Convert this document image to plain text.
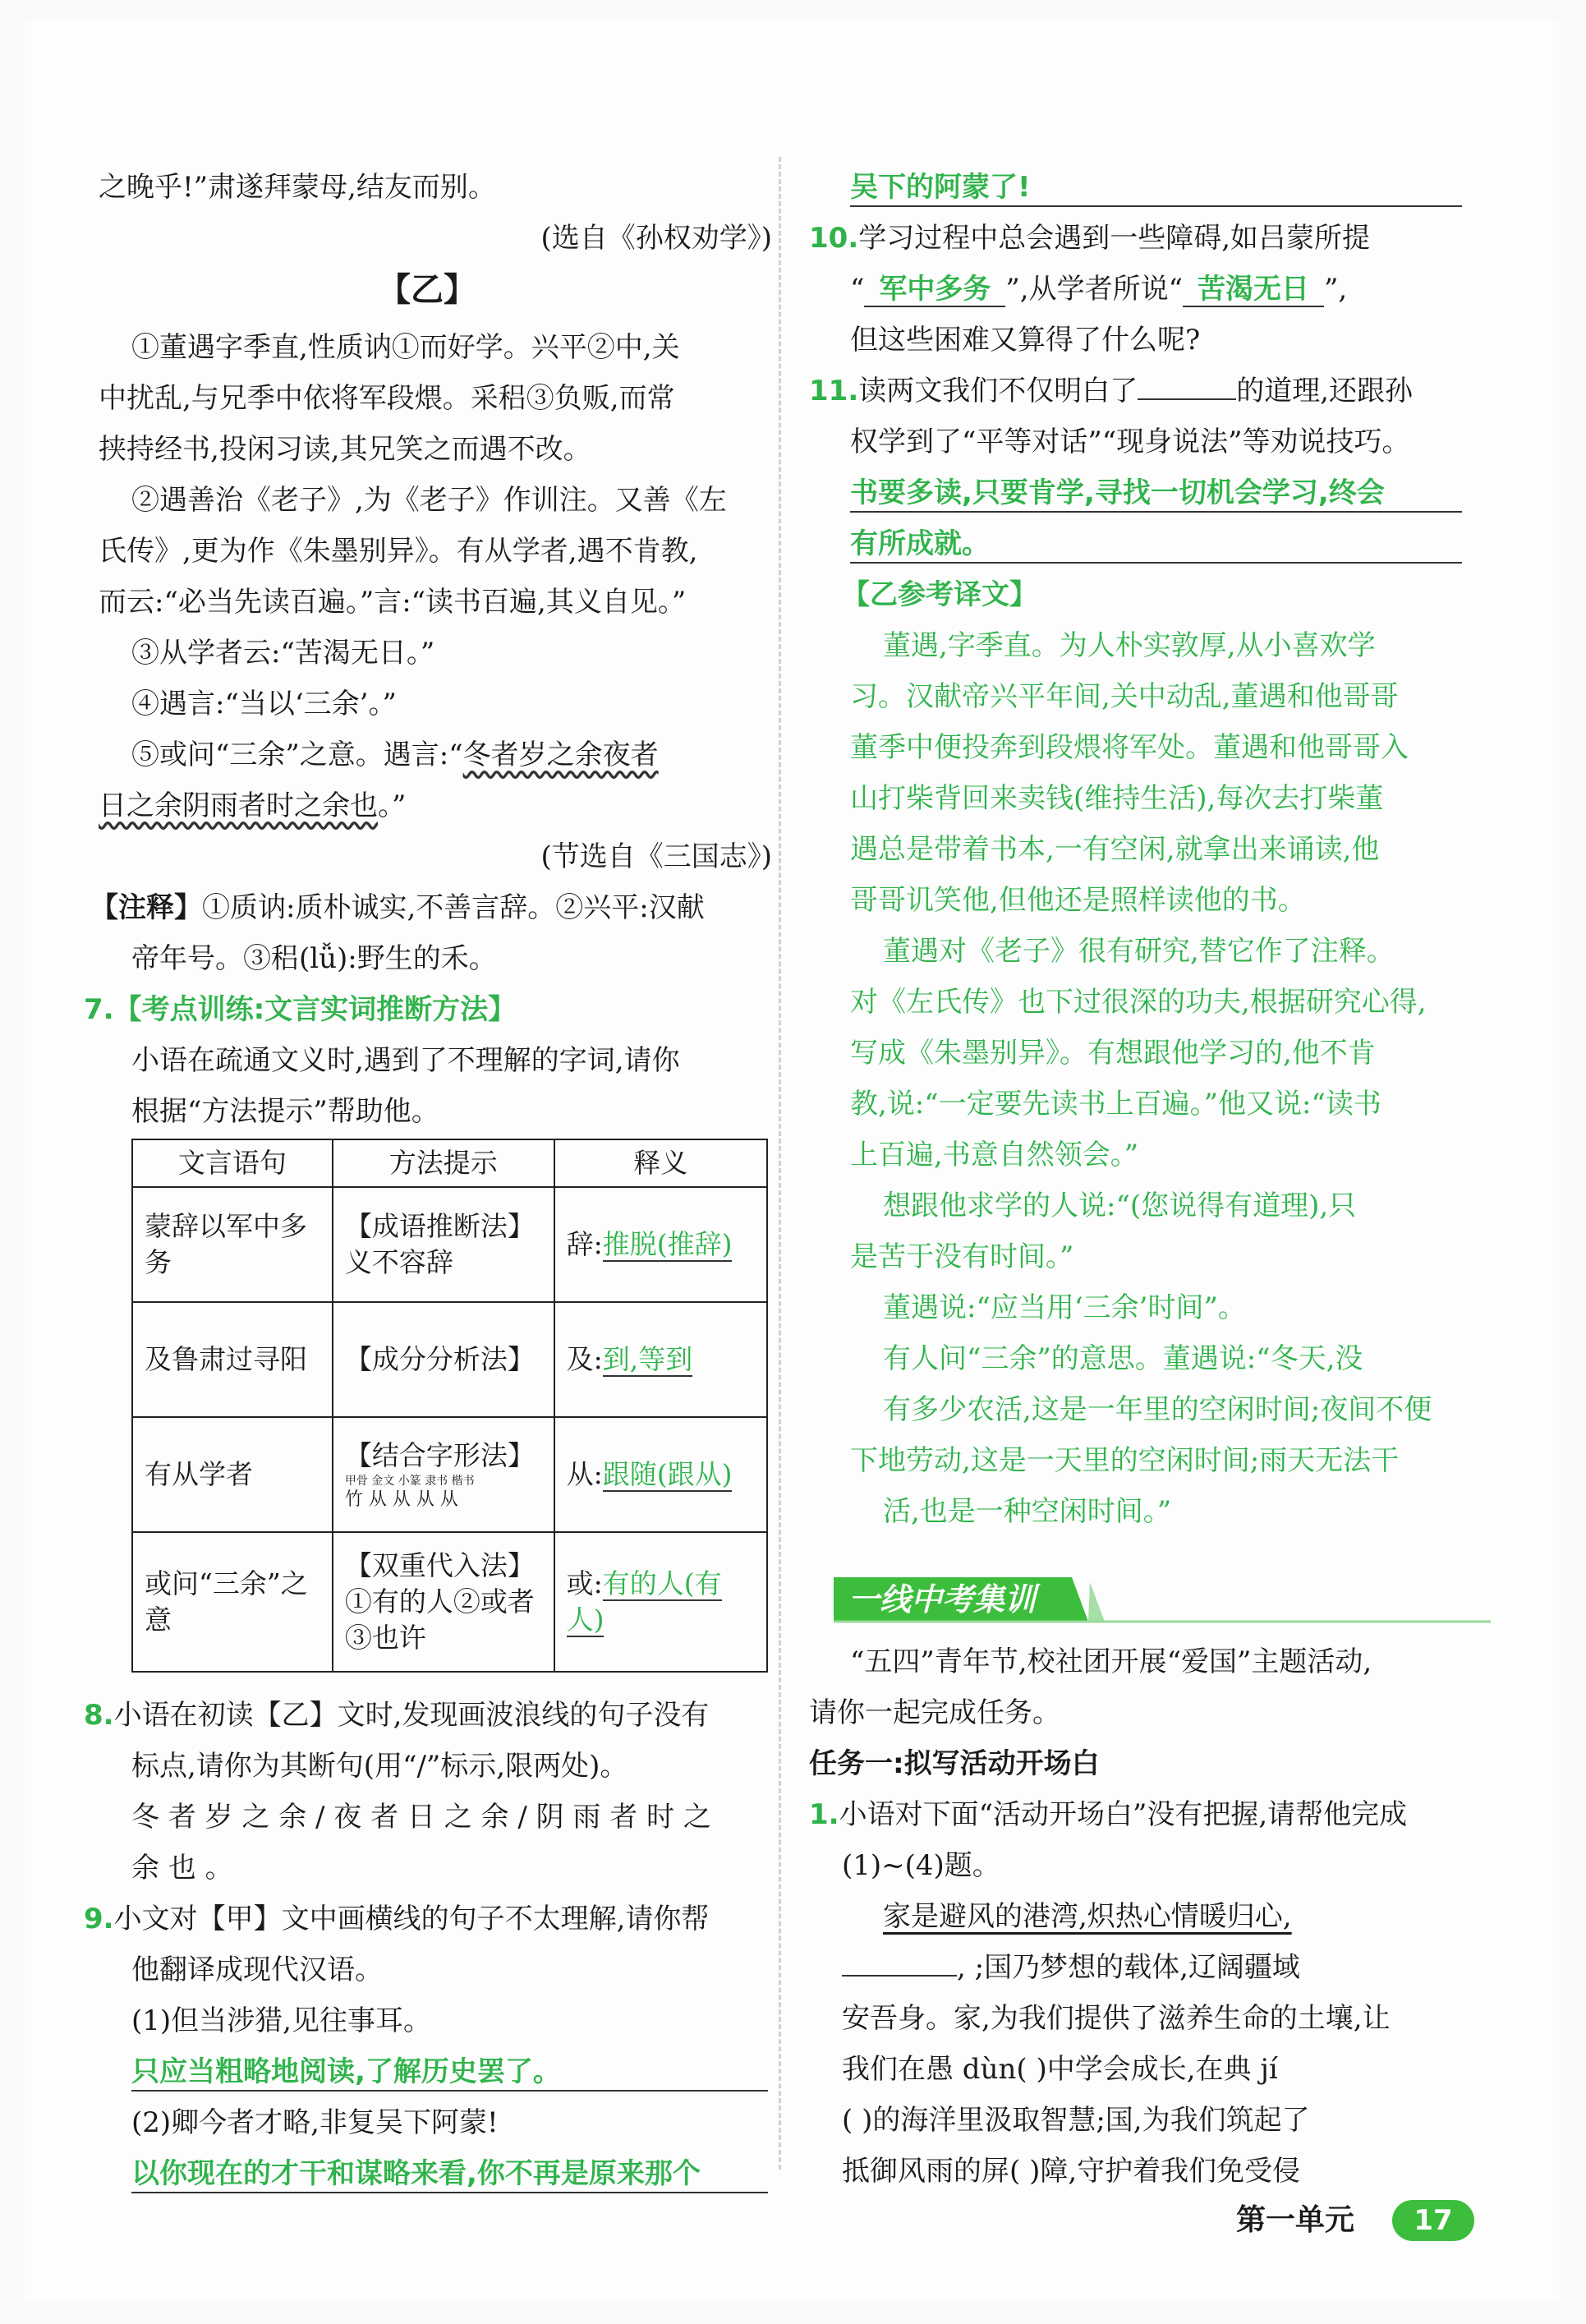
之晚乎!”肃遂拜蒙母,结友而别。
(选自《孙权劝学》)
【乙】
①董遇字季直,性质讷①而好学。兴平②中,关
中扰乱,与兄季中依将军段煨。采稆③负贩,而常
挟持经书,投闲习读,其兄笑之而遇不改。
②遇善治《老子》,为《老子》作训注。又善《左
氏传》,更为作《朱墨别异》。有从学者,遇不肯教,
而云:“必当先读百遍。”言:“读书百遍,其义自见。”
③从学者云:“苦渴无日。”
④遇言:“当以‘三余’。”
⑤或问“三余”之意。遇言:“冬者岁之余夜者
日之余阴雨者时之余也。”
(节选自《三国志》)
【注释】①质讷:质朴诚实,不善言辞。②兴平:汉献
帝年号。③稆(lǚ):野生的禾。
7.【考点训练:文言实词推断方法】
小语在疏通文义时,遇到了不理解的字词,请你
根据“方法提示”帮助他。
文言语句	方法提示	释义
蒙辞以军中多务	【成语推断法】义不容辞	辞:推脱(推辞)
及鲁肃过寻阳	【成分分析法】	及:到,等到
有从学者	【结合字形法】
甲骨 金文 小篆 隶书 楷书
竹 从 从 从 从	从:跟随(跟从)
或问“三余”之意	【双重代入法】
①有的人②或者
③也许	或:有的人(有人)
8.小语在初读【乙】文时,发现画波浪线的句子没有
标点,请你为其断句(用“/”标示,限两处)。
冬 者 岁 之 余 / 夜 者 日 之 余 / 阴 雨 者 时 之
余 也 。
9.小文对【甲】文中画横线的句子不太理解,请你帮
他翻译成现代汉语。
(1)但当涉猎,见往事耳。
只应当粗略地阅读,了解历史罢了。
(2)卿今者才略,非复吴下阿蒙!
以你现在的才干和谋略来看,你不再是原来那个
吴下的阿蒙了!
10.学习过程中总会遇到一些障碍,如吕蒙所提
“ 军中多务 ”,从学者所说“ 苦渴无日 ”,
但这些困难又算得了什么呢?
11.读两文我们不仅明白了	的道理,还跟孙
权学到了“平等对话”“现身说法”等劝说技巧。
书要多读,只要肯学,寻找一切机会学习,终会
有所成就。
【乙参考译文】
董遇,字季直。为人朴实敦厚,从小喜欢学
习。汉献帝兴平年间,关中动乱,董遇和他哥哥
董季中便投奔到段煨将军处。董遇和他哥哥入
山打柴背回来卖钱(维持生活),每次去打柴董
遇总是带着书本,一有空闲,就拿出来诵读,他
哥哥讥笑他,但他还是照样读他的书。
董遇对《老子》很有研究,替它作了注释。
对《左氏传》也下过很深的功夫,根据研究心得,
写成《朱墨别异》。有想跟他学习的,他不肯
教,说:“一定要先读书上百遍。”他又说:“读书
上百遍,书意自然领会。”
想跟他求学的人说:“(您说得有道理),只
是苦于没有时间。”
董遇说:“应当用‘三余’时间”。
有人问“三余”的意思。董遇说:“冬天,没
有多少农活,这是一年里的空闲时间;夜间不便
下地劳动,这是一天里的空闲时间;雨天无法干
活,也是一种空闲时间。”
一线中考集训
“五四”青年节,校社团开展“爱国”主题活动,
请你一起完成任务。
任务一:拟写活动开场白
1.小语对下面“活动开场白”没有把握,请帮他完成
(1)~(4)题。
家是避风的港湾,炽热心情暖归心,
, ;国乃梦想的载体,辽阔疆域
安吾身。家,为我们提供了滋养生命的土壤,让
我们在愚 dùn( )中学会成长,在典 jí
( )的海洋里汲取智慧;国,为我们筑起了
抵御风雨的屏( )障,守护着我们免受侵
第一单元	17
